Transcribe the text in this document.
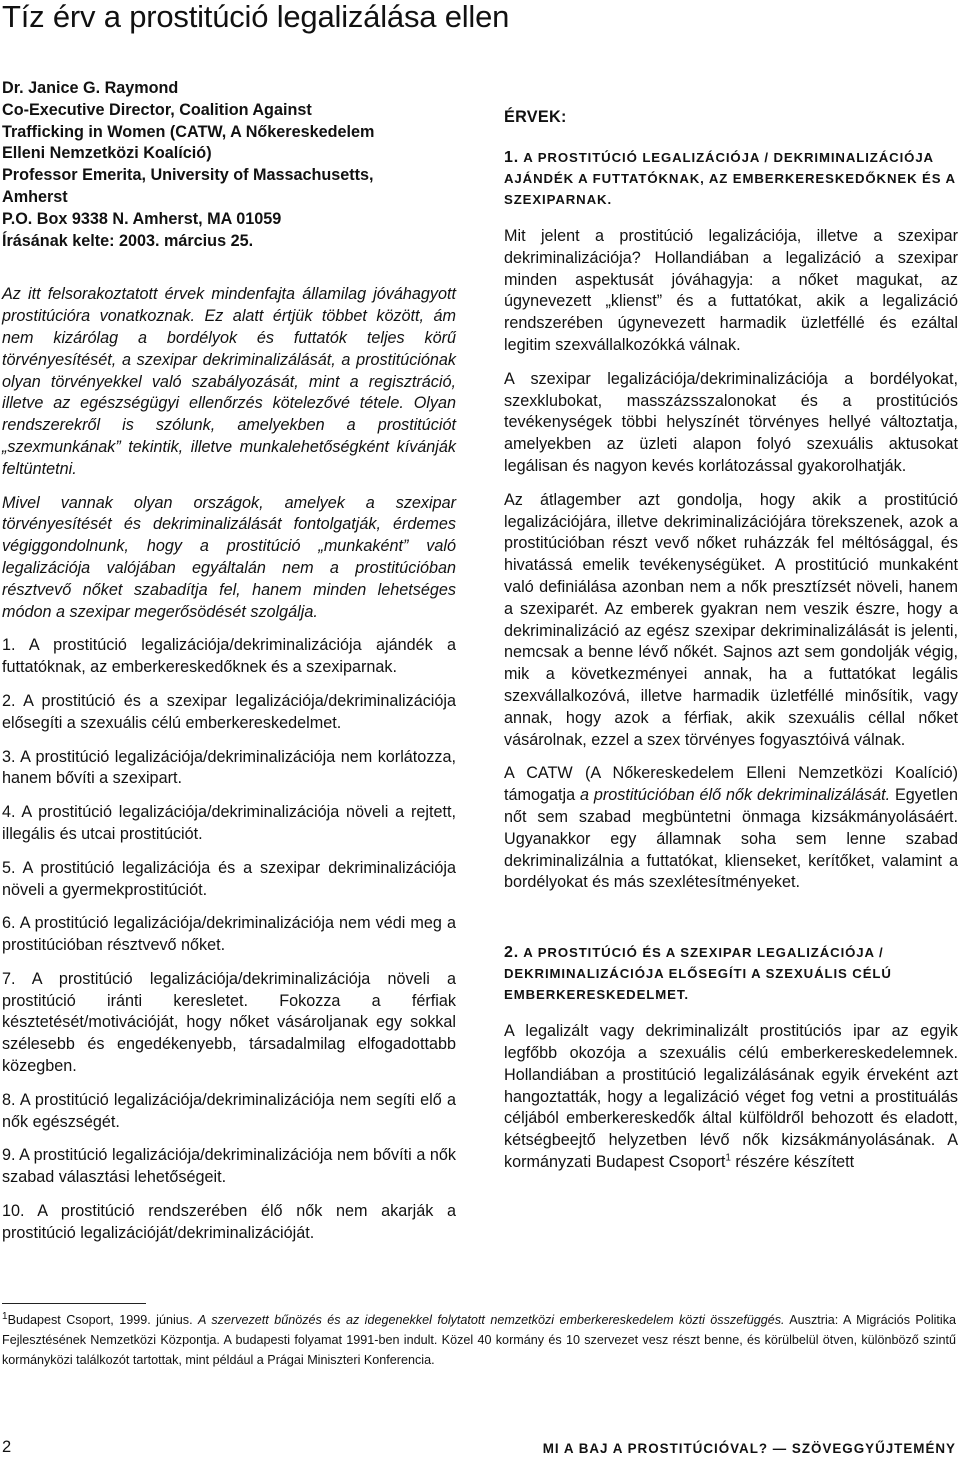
Tíz érv a prostitúció legalizálása ellen
Dr. Janice G. Raymond
Co-Executive Director, Coalition Against
Trafficking in Women (CATW, A Nőkereskedelem
Elleni Nemzetközi Koalíció)
Professor Emerita, University of Massachusetts,
Amherst
P.O. Box 9338 N. Amherst, MA 01059
Írásának kelte: 2003. március 25.

Az itt felsorakoztatott érvek mindenfajta államilag jóváhagyott prostitúcióra vonatkoznak. Ez alatt értjük többet között, ám nem kizárólag a bordélyok és futtatók teljes körű törvényesítését, a szexipar dekriminalizálását, a prostitúciónak olyan törvényekkel való szabályozását, mint a regisztráció, illetve az egészségügyi ellenőrzés kötelezővé tétele. Olyan rendszerekről is szólunk, amelyekben a prostitúciót „szexmunkának” tekintik, illetve munkalehetőségként kívánják feltüntetni.

Mivel vannak olyan országok, amelyek a szexipar törvényesítését és dekriminalizálását fontolgatják, érdemes végiggondolnunk, hogy a prostitúció „munkaként” való legalizációja valójában egyáltalán nem a prostitúcióban résztvevő nőket szabadítja fel, hanem minden lehetséges módon a szexipar megerősödését szolgálja.

1. A prostitúció legalizációja/dekriminalizációja ajándék a futtatóknak, az emberkereskedőknek és a szexiparnak.

2. A prostitúció és a szexipar legalizációja/dekriminalizációja elősegíti a szexuális célú emberkereskedelmet.

3. A prostitúció legalizációja/dekriminalizációja nem korlátozza, hanem bővíti a szexipart.

4. A prostitúció legalizációja/dekriminalizációja növeli a rejtett, illegális és utcai prostitúciót.

5. A prostitúció legalizációja és a szexipar dekriminalizációja növeli a gyermekprostitúciót.

6. A prostitúció legalizációja/dekriminalizációja nem védi meg a prostitúcióban résztvevő nőket.

7. A prostitúció legalizációja/dekriminalizációja növeli a prostitúció iránti keresletet. Fokozza a férfiak késztetését/motivációját, hogy nőket vásároljanak egy sokkal szélesebb és engedékenyebb, társadalmilag elfogadottabb közegben.

8. A prostitúció legalizációja/dekriminalizációja nem segíti elő a nők egészségét.

9. A prostitúció legalizációja/dekriminalizációja nem bővíti a nők szabad választási lehetőségeit.

10. A prostitúció rendszerében élő nők nem akarják a prostitúció legalizációját/dekriminalizációját.

ÉRVEK:
1. A PROSTITÚCIÓ LEGALIZÁCIÓJA / DEKRIMINALIZÁCIÓJA AJÁNDÉK A FUTTATÓKNAK, AZ EMBERKERESKEDŐKNEK ÉS A SZEXIPARNAK.

Mit jelent a prostitúció legalizációja, illetve a szexipar dekriminalizációja? Hollandiában a legalizáció a szexipar minden aspektusát jóváhagyja: a nőket magukat, az úgynevezett „klienst” és a futtatókat, akik a legalizáció rendszerében úgynevezett harmadik üzletféllé és ezáltal legitim szexvállalkozókká válnak.

A szexipar legalizációja/dekriminalizációja a bordélyokat, szexklubokat, masszázsszalonokat és a prostitúciós tevékenységek többi helyszínét törvényes hellyé változtatja, amelyekben az üzleti alapon folyó szexuális aktusokat legálisan és nagyon kevés korlátozással gyakorolhatják.

Az átlagember azt gondolja, hogy akik a prostitúció legalizációjára, illetve dekriminalizációjára törekszenek, azok a prostitúcióban részt vevő nőket ruházzák fel méltósággal, és hivatássá emelik tevékenységüket. A prostitúció munkaként való definiálása azonban nem a nők presztízsét növeli, hanem a szexiparét. Az emberek gyakran nem veszik észre, hogy a dekriminalizáció az egész szexipar dekriminalizálását is jelenti, nemcsak a benne lévő nőkét. Sajnos azt sem gondolják végig, mik a következményei annak, ha a futtatókat legális szexvállalkozóvá, illetve harmadik üzletféllé minősítik, vagy annak, hogy azok a férfiak, akik szexuális céllal nőket vásárolnak, ezzel a szex törvényes fogyasztóivá válnak.

A CATW (A Nőkereskedelem Elleni Nemzetközi Koalíció) támogatja a prostitúcióban élő nők dekriminalizálását. Egyetlen nőt sem szabad megbüntetni önmaga kizsákmányolásáért. Ugyanakkor egy államnak soha sem lenne szabad dekriminalizálnia a futtatókat, klienseket, kerítőket, valamint a bordélyokat és más szexlétesítményeket.

2. A PROSTITÚCIÓ ÉS A SZEXIPAR LEGALIZÁCIÓJA / DEKRIMINALIZÁCIÓJA ELŐSEGÍTI A SZEXUÁLIS CÉLÚ EMBERKERESKEDELMET.

A legalizált vagy dekriminalizált prostitúciós ipar az egyik legfőbb okozója a szexuális célú emberkereskedelemnek. Hollandiában a prostitúció legalizálásának egyik érveként azt hangoztatták, hogy a legalizáció véget fog vetni a prostituálás céljából emberkereskedők által külföldről behozott és eladott, kétségbeejtő helyzetben lévő nők kizsákmányolásának. A kormányzati Budapest Csoport$^1$ részére készített

$^1$Budapest Csoport, 1999. június. A szervezett bűnözés és az idegenekkel folytatott nemzetközi emberkereskedelem közti összefüggés. Ausztria: A Migrációs Politika Fejlesztésének Nemzetközi Központja. A budapesti folyamat 1991-ben indult. Közel 40 kormány és 10 szervezet vesz részt benne, és körülbelül ötven, különböző szintű kormányközi találkozót tartottak, mint például a Prágai Miniszteri Konferencia.

2	MI A BAJ A PROSTITÚCIÓVAL? — SZÖVEGGYŰJTEMÉNY
